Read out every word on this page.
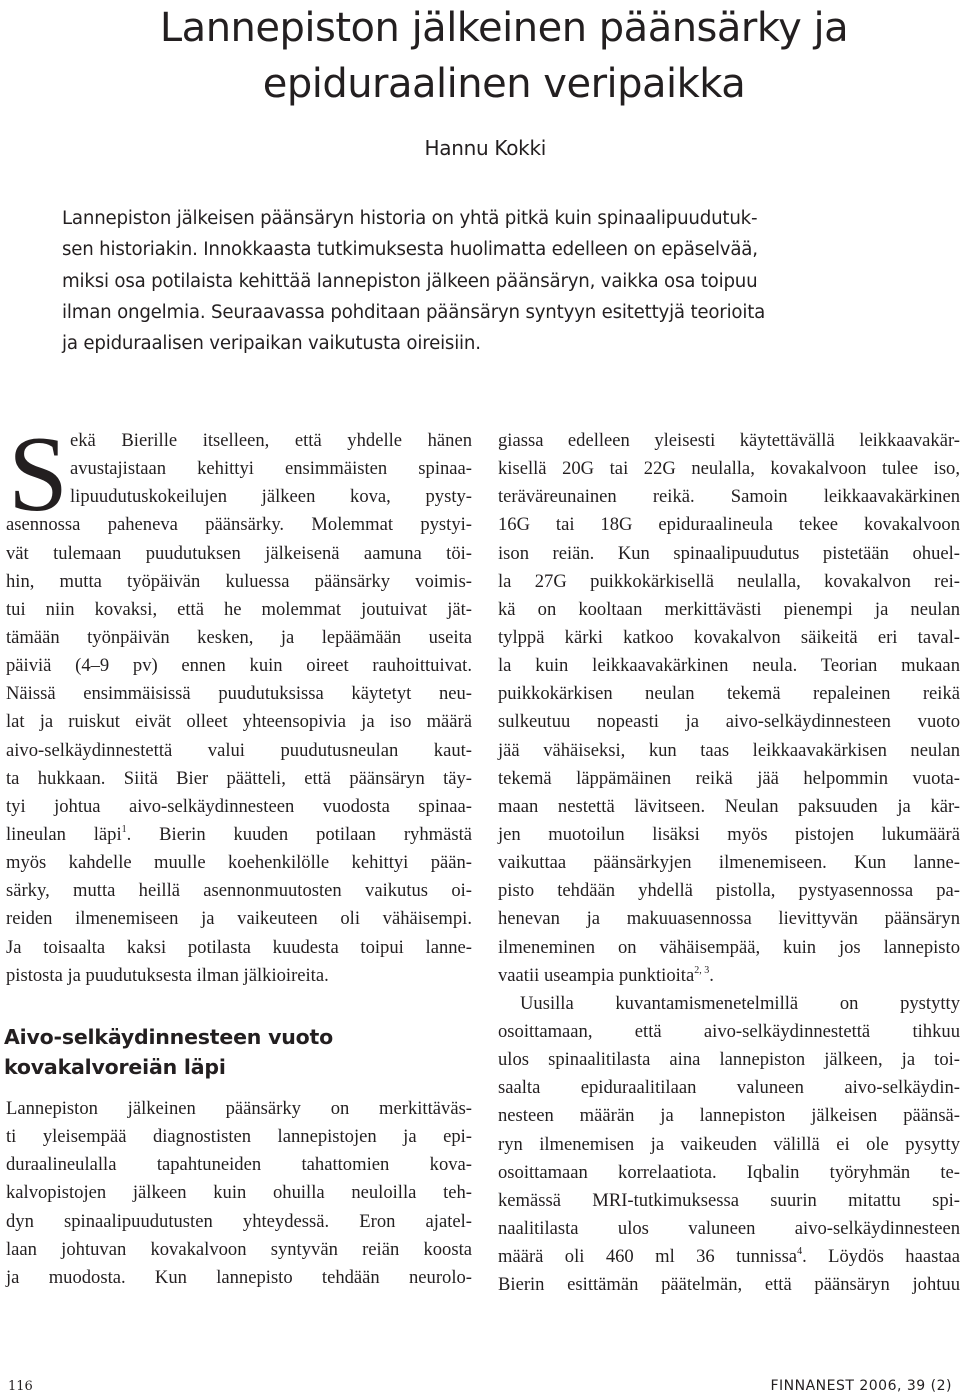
Lannepiston jälkeinen päänsärky ja
epiduraalinen veripaikka
Hannu Kokki
Lannepiston jälkeisen päänsäryn historia on yhtä pitkä kuin spinaalipuudutuk-
sen historiakin. Innokkaasta tutkimuksesta huolimatta edelleen on epäselvää,
miksi osa potilaista kehittää lannepiston jälkeen päänsäryn, vaikka osa toipuu
ilman ongelmia. Seuraavassa pohditaan päänsäryn syntyyn esitettyjä teorioita
ja epiduraalisen veripaikan vaikutusta oireisiin.
S ekä Bierille itselleen, että yhdelle hänen
avustajistaan kehittyi ensimmäisten spinaa-
lipuudutuskokeilujen jälkeen kova, pysty-
asennossa paheneva päänsärky. Molemmat pystyi-
vät tulemaan puudutuksen jälkeisenä aamuna töi-
hin, mutta työpäivän kuluessa päänsärky voimis-
tui niin kovaksi, että he molemmat joutuivat jät-
tämään työnpäivän kesken, ja lepäämään useita
päiviä (4–9 pv) ennen kuin oireet rauhoittuivat.
Näissä ensimmäisissä puudutuksissa käytetyt neu-
lat ja ruiskut eivät olleet yhteensopivia ja iso määrä
aivo-selkäydinnestettä valui puudutusneulan kaut-
ta hukkaan. Siitä Bier päätteli, että päänsäryn täy-
tyi johtua aivo-selkäydinnesteen vuodosta spinaa-
lineulan läpi$^1$. Bierin kuuden potilaan ryhmästä
myös kahdelle muulle koehenkilölle kehittyi pään-
särky, mutta heillä asennonmuutosten vaikutus oi-
reiden ilmenemiseen ja vaikeuteen oli vähäisempi.
Ja toisaalta kaksi potilasta kuudesta toipui lanne-
pistosta ja puudutuksesta ilman jälkioireita.
Aivo-selkäydinnesteen vuoto
kovakalvoreiän läpi
Lannepiston jälkeinen päänsärky on merkittäväs-
ti yleisempää diagnostisten lannepistojen ja epi-
duraalineulalla tapahtuneiden tahattomien kova-
kalvopistojen jälkeen kuin ohuilla neuloilla teh-
dyn spinaalipuudutusten yhteydessä. Eron ajatel-
laan johtuvan kovakalvoon syntyvän reiän koosta
ja muodosta. Kun lannepisto tehdään neurolo-
giassa edelleen yleisesti käytettävällä leikkaavakär-
kisellä 20G tai 22G neulalla, kovakalvoon tulee iso,
teräväreunainen reikä. Samoin leikkaavakärkinen
16G tai 18G epiduraalineula tekee kovakalvoon
ison reiän. Kun spinaalipuudutus pistetään ohuel-
la 27G puikkokärkisellä neulalla, kovakalvon rei-
kä on kooltaan merkittävästi pienempi ja neulan
tylppä kärki katkoo kovakalvon säikeitä eri taval-
la kuin leikkaavakärkinen neula. Teorian mukaan
puikkokärkisen neulan tekemä repaleinen reikä
sulkeutuu nopeasti ja aivo-selkäydinnesteen vuoto
jää vähäiseksi, kun taas leikkaavakärkisen neulan
tekemä läppämäinen reikä jää helpommin vuota-
maan nestettä lävitseen. Neulan paksuuden ja kär-
jen muotoilun lisäksi myös pistojen lukumäärä
vaikuttaa päänsärkyjen ilmenemiseen. Kun lanne-
pisto tehdään yhdellä pistolla, pystyasennossa pa-
henevan ja makuuasennossa lievittyvän päänsäryn
ilmeneminen on vähäisempää, kuin jos lannepisto
vaatii useampia punktioita$^{2, 3}$.
Uusilla kuvantamismenetelmillä on pystytty
osoittamaan, että aivo-selkäydinnestettä tihkuu
ulos spinaalitilasta aina lannepiston jälkeen, ja toi-
saalta epiduraalitilaan valuneen aivo-selkäydin-
nesteen määrän ja lannepiston jälkeisen päänsä-
ryn ilmenemisen ja vaikeuden välillä ei ole pysytty
osoittamaan korrelaatiota. Iqbalin työryhmän te-
kemässä MRI-tutkimuksessa suurin mitattu spi-
naalitilasta ulos valuneen aivo-selkäydinnesteen
määrä oli 460 ml 36 tunnissa$^4$. Löydös haastaa
Bierin esittämän päätelmän, että päänsäryn johtuu
116	FINNANEST 2006, 39 (2)
